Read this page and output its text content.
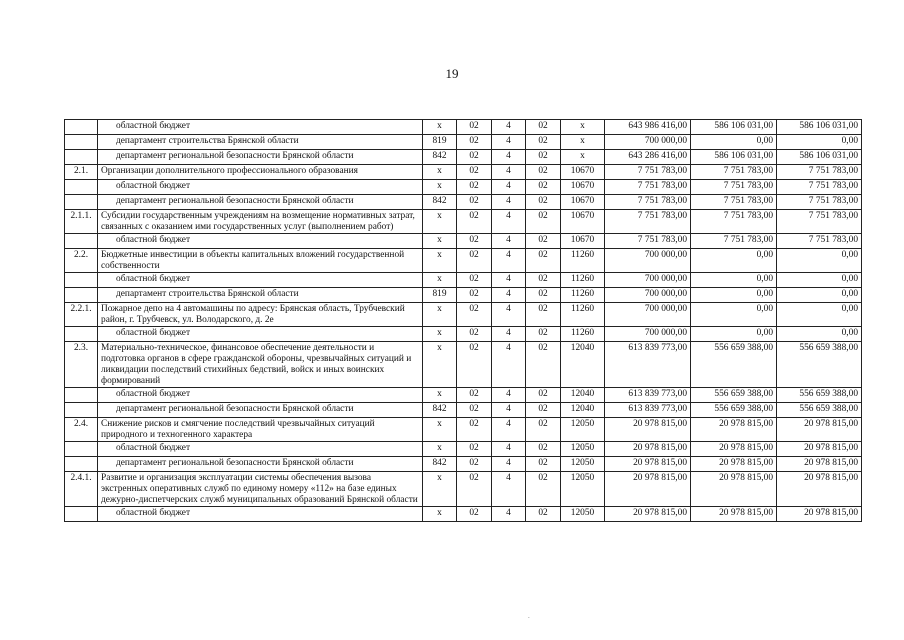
19
	областной бюджет	x	02	4	02	x	643 986 416,00	586 106 031,00	586 106 031,00
	департамент строительства Брянской области	819	02	4	02	x	700 000,00	0,00	0,00
	департамент региональной безопасности Брянской области	842	02	4	02	x	643 286 416,00	586 106 031,00	586 106 031,00
2.1.	Организации дополнительного профессионального образования	x	02	4	02	10670	7 751 783,00	7 751 783,00	7 751 783,00
	областной бюджет	x	02	4	02	10670	7 751 783,00	7 751 783,00	7 751 783,00
	департамент региональной безопасности Брянской области	842	02	4	02	10670	7 751 783,00	7 751 783,00	7 751 783,00
2.1.1.	Субсидии государственным учреждениям на возмещение нормативных затрат, связанных с оказанием ими государственных услуг (выполнением работ)	x	02	4	02	10670	7 751 783,00	7 751 783,00	7 751 783,00
	областной бюджет	x	02	4	02	10670	7 751 783,00	7 751 783,00	7 751 783,00
2.2.	Бюджетные инвестиции в объекты капитальных вложений государственной собственности	x	02	4	02	11260	700 000,00	0,00	0,00
	областной бюджет	x	02	4	02	11260	700 000,00	0,00	0,00
	департамент строительства Брянской области	819	02	4	02	11260	700 000,00	0,00	0,00
2.2.1.	Пожарное депо на 4 автомашины по адресу: Брянская область, Трубчевский район, г. Трубчевск, ул. Володарского, д. 2е	x	02	4	02	11260	700 000,00	0,00	0,00
	областной бюджет	x	02	4	02	11260	700 000,00	0,00	0,00
2.3.	Материально-техническое, финансовое обеспечение деятельности и подготовка органов в сфере гражданской обороны, чрезвычайных ситуаций и ликвидации последствий стихийных бедствий, войск и иных воинских формирований	x	02	4	02	12040	613 839 773,00	556 659 388,00	556 659 388,00
	областной бюджет	x	02	4	02	12040	613 839 773,00	556 659 388,00	556 659 388,00
	департамент региональной безопасности Брянской области	842	02	4	02	12040	613 839 773,00	556 659 388,00	556 659 388,00
2.4.	Снижение рисков и смягчение последствий чрезвычайных ситуаций природного и техногенного характера	x	02	4	02	12050	20 978 815,00	20 978 815,00	20 978 815,00
	областной бюджет	x	02	4	02	12050	20 978 815,00	20 978 815,00	20 978 815,00
	департамент региональной безопасности Брянской области	842	02	4	02	12050	20 978 815,00	20 978 815,00	20 978 815,00
2.4.1.	Развитие и организация эксплуатации системы обеспечения вызова экстренных оперативных служб по единому номеру «112» на базе единых дежурно-диспетчерских служб муниципальных образований Брянской области	x	02	4	02	12050	20 978 815,00	20 978 815,00	20 978 815,00
	областной бюджет	x	02	4	02	12050	20 978 815,00	20 978 815,00	20 978 815,00
.
